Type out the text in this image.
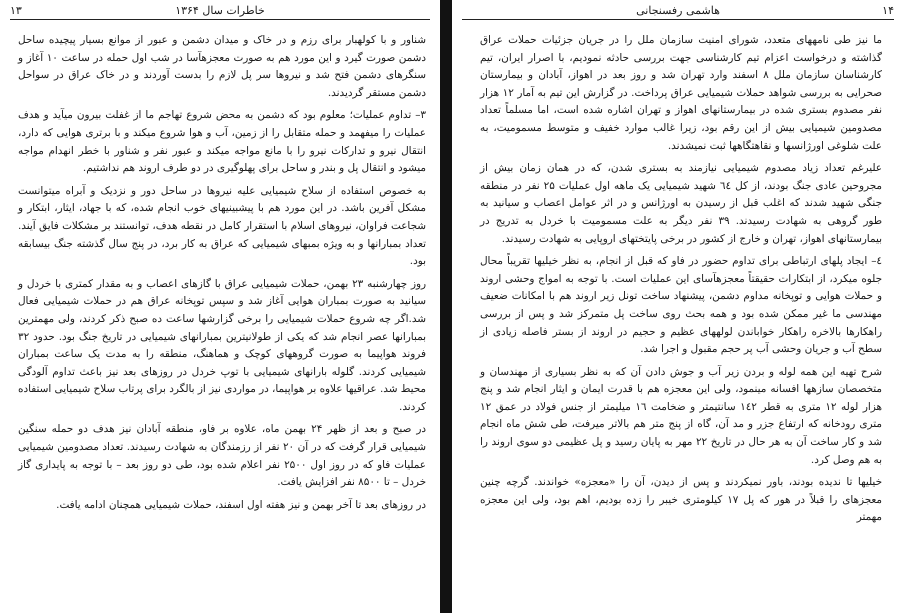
۱۳	خاطرات سال ۱۳۶۴

شناور و با کولهبار برای رزم و در خاک و میدان دشمن و عبور از موانع بسیار پیچیده ساحل دشمن صورت گیرد و این مورد هم به صورت معجزهآسا در شب اول حمله در ساعت ۱۰ آغاز و سنگرهای دشمن فتح شد و نیروها سر پل لازم را بدست آوردند و در خاک عراق در سواحل دشمن مستقر گردیدند.

۳– تداوم عملیات؛ معلوم بود که دشمن به محض شروع تهاجم ما از غفلت بیرون میآید و هدف عملیات را میفهمد و حمله متقابل را از زمین، آب و هوا شروع میکند و با برتری هوایی که دارد، انتقال نیرو و تدارکات نیرو را با مانع مواجه میکند و عبور نفر و شناور با خطر انهدام مواجه میشود و انتقال پل و بندر و ساحل برای پهلوگیری در دو طرف اروند هم نداشتیم.

به خصوص استفاده از سلاح شیمیایی علیه نیروها در ساحل دور و نزدیک و آبراه میتوانست مشکل آفرین باشد. در این مورد هم با پیشبینیهای خوب انجام شده، که با جهاد، ایثار، ابتکار و شجاعت فراوان، نیروهای اسلام با استقرار کامل در نقطه هدف، توانستند بر مشکلات فایق آیند. تعداد بمبارانها و به ویژه بمبهای شیمیایی که عراق به کار برد، در پنج سال گذشته جنگ بیسابقه بود.

روز چهارشنبه ۲۳ بهمن، حملات شیمیایی عراق با گازهای اعصاب و به مقدار کمتری با خردل و سیانید به صورت بمباران هوایی آغاز شد و سپس توپخانه عراق هم در حملات شیمیایی فعال شد.اگر چه شروع حملات شیمیایی را برخی گزارشها ساعت ده صبح ذکر کردند، ولی مهمترین بمبارانها عصر انجام شد که یکی از طولانیترین بمبارانهای شیمیایی در تاریخ جنگ بود. حدود ۳۲ فروند هواپیما به صورت گروههای کوچک و هماهنگ، منطقه را به مدت یک ساعت بمباران شیمیایی کردند. گلوله بارانهای شیمیایی با توپ خردل در روزهای بعد نیز باعث تداوم آلودگی محیط شد. عراقیها علاوه بر هواپیما، در مواردی نیز از بالگرد برای پرتاب سلاح شیمیایی استفاده کردند.

در صبح و بعد از ظهر ۲۴ بهمن ماه، علاوه بر فاو، منطقه آبادان نیز هدف دو حمله سنگین شیمیایی قرار گرفت که در آن ۲۰ نفر از رزمندگان به شهادت رسیدند. تعداد مصدومین شیمیایی عملیات فاو که در روز اول ۲۵۰۰ نفر اعلام شده بود، طی دو روز بعد – با توجه به پایداری گاز خردل – تا ۸۵۰۰ نفر افزایش یافت.

در روزهای بعد تا آخر بهمن و نیز هفته اول اسفند، حملات شیمیایی همچنان ادامه یافت.

۱۴
هاشمی رفسنجانی

ما نیز طی نامههای متعدد، شورای امنیت سازمان ملل را در جریان جزئیات حملات عراق گذاشته و درخواست اعزام تیم کارشناسی جهت بررسی حادثه نمودیم، با اصرار ایران، تیم کارشناسان سازمان ملل ۸ اسفند وارد تهران شد و روز بعد در اهواز، آبادان و بیمارستان صحرایی به بررسی شواهد حملات شیمیایی عراق پرداخت. در گزارش این تیم به آمار ۱۲ هزار نفر مصدوم بستری شده در بیمارستانهای اهواز و تهران اشاره شده است، اما مسلماً تعداد مصدومین شیمیایی بیش از این رقم بود، زیرا غالب موارد خفیف و متوسط مسمومیت، به علت شلوغی اورژانسها و نقاهتگاهها ثبت نمیشدند.

علیرغم تعداد زیاد مصدوم شیمیایی نیازمند به بستری شدن، که در همان زمان بیش از مجروحین عادی جنگ بودند، از کل ٦٤ شهید شیمیایی یک ماهه اول عملیات ۲۵ نفر در منطقه جنگی شهید شدند که اغلب قبل از رسیدن به اورژانس و در اثر عوامل اعصاب و سیانید به طور گروهی به شهادت رسیدند. ۳۹ نفر دیگر به علت مسمومیت با خردل به تدریج در بیمارستانهای اهواز، تهران و خارج از کشور در برخی پایتختهای اروپایی به شهادت رسیدند.

٤– ایجاد پلهای ارتباطی برای تداوم حضور در فاو که قبل از انجام، به نظر خیلیها تقریباً محال جلوه میکرد، از ابتکارات حقیقتاً معجزهآسای این عملیات است. با توجه به امواج وحشی اروند و حملات هوایی و توپخانه مداوم دشمن، پیشنهاد ساخت تونل زیر اروند هم با امکانات ضعیف مهندسی ما غیر ممکن شده بود و همه بحث روی ساخت پل متمرکز شد و پس از بررسی راهکارها بالاخره راهکار خواباندن لولههای عظیم و حجیم در اروند از بستر فاصله زیادی از سطح آب و جریان وحشی آب پر حجم مقبول و اجرا شد.

شرح تهیه این همه لوله و بردن زیر آب و جوش دادن آن که به نظر بسیاری از مهندسان و متخصصان سازهها افسانه مینمود، ولی این معجزه هم با قدرت ایمان و ایثار انجام شد و پنج هزار لوله ۱۲ متری به قطر ۱٤۲ سانتیمتر و ضخامت ۱٦ میلیمتر از جنس فولاد در عمق ۱۲ متری رودخانه که ارتفاع جزر و مد آن، گاه از پنج متر هم بالاتر میرفت، طی شش ماه انجام شد و کار ساخت آن به هر حال در تاریخ ۲۲ مهر به پایان رسید و پل عظیمی دو سوی اروند را به هم وصل کرد.

خیلیها تا ندیده بودند، باور نمیکردند و پس از دیدن، آن را «معجزه» خواندند. گرچه چنین معجزهای را قبلاً در هور که پل ۱۷ کیلومتری خیبر را زده بودیم، اهم بود، ولی این معجزه مهمتر
